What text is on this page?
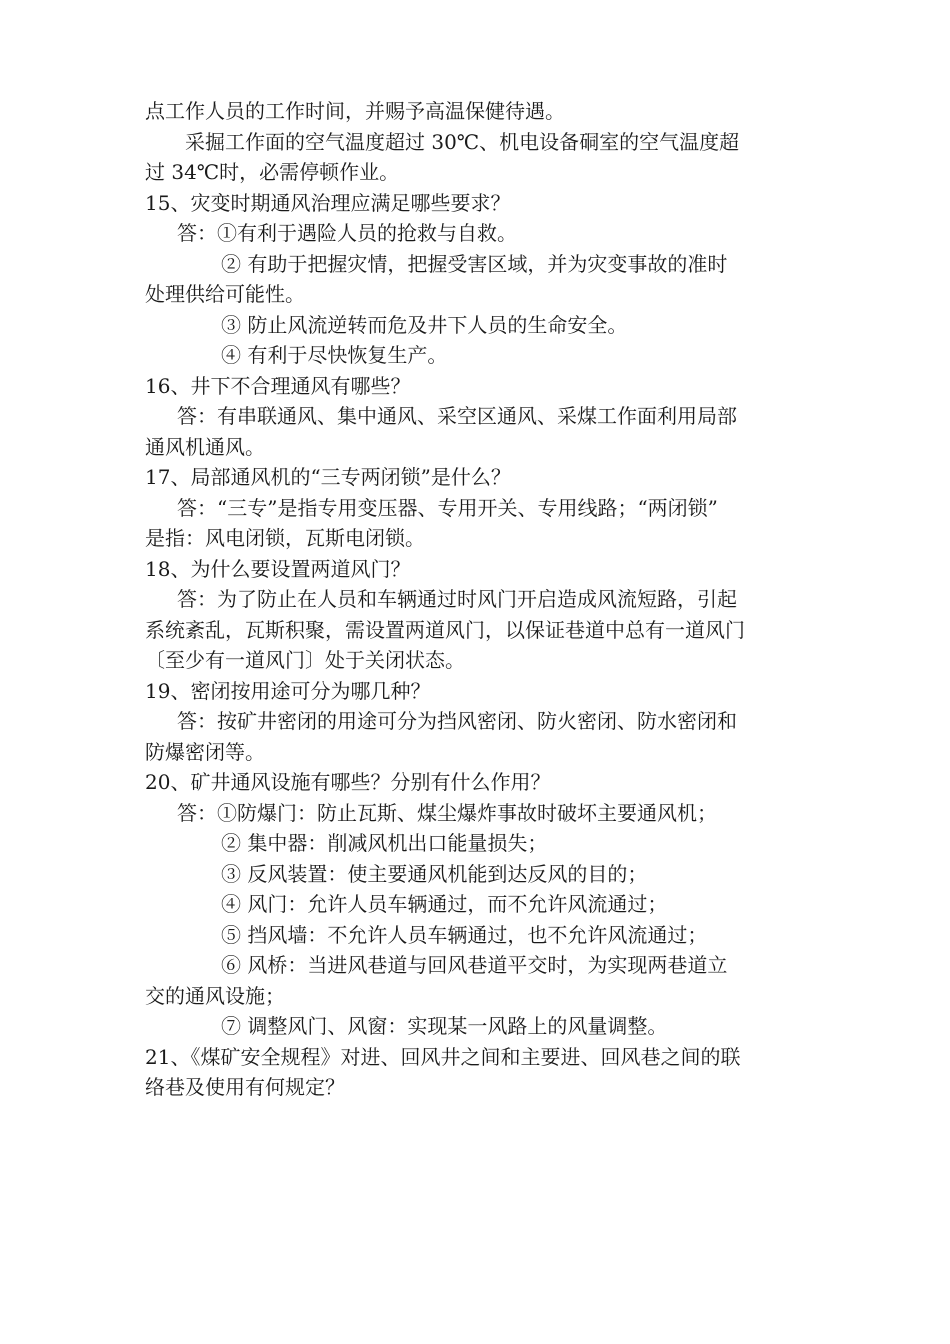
点工作人员的工作时间，并赐予高温保健待遇。
采掘工作面的空气温度超过 30℃、机电设备硐室的空气温度超
过 34℃时，必需停顿作业。
15、灾变时期通风治理应满足哪些要求？
答：①有利于遇险人员的抢救与自救。
② 有助于把握灾情，把握受害区域，并为灾变事故的准时
处理供给可能性。
③ 防止风流逆转而危及井下人员的生命安全。
④ 有利于尽快恢复生产。
16、井下不合理通风有哪些？
答：有串联通风、集中通风、采空区通风、采煤工作面利用局部
通风机通风。
17、局部通风机的“三专两闭锁”是什么？
答：“三专”是指专用变压器、专用开关、专用线路；“两闭锁”
是指：风电闭锁，瓦斯电闭锁。
18、为什么要设置两道风门？
答：为了防止在人员和车辆通过时风门开启造成风流短路，引起
系统紊乱，瓦斯积聚，需设置两道风门，以保证巷道中总有一道风门
〔至少有一道风门〕处于关闭状态。
19、密闭按用途可分为哪几种？
答：按矿井密闭的用途可分为挡风密闭、防火密闭、防水密闭和
防爆密闭等。
20、矿井通风设施有哪些？分别有什么作用？
答：①防爆门：防止瓦斯、煤尘爆炸事故时破坏主要通风机；
② 集中器：削减风机出口能量损失；
③ 反风装置：使主要通风机能到达反风的目的；
④ 风门：允许人员车辆通过，而不允许风流通过；
⑤ 挡风墙：不允许人员车辆通过，也不允许风流通过；
⑥ 风桥：当进风巷道与回风巷道平交时，为实现两巷道立
交的通风设施；
⑦ 调整风门、风窗：实现某一风路上的风量调整。
21、《煤矿安全规程》对进、回风井之间和主要进、回风巷之间的联
络巷及使用有何规定？
